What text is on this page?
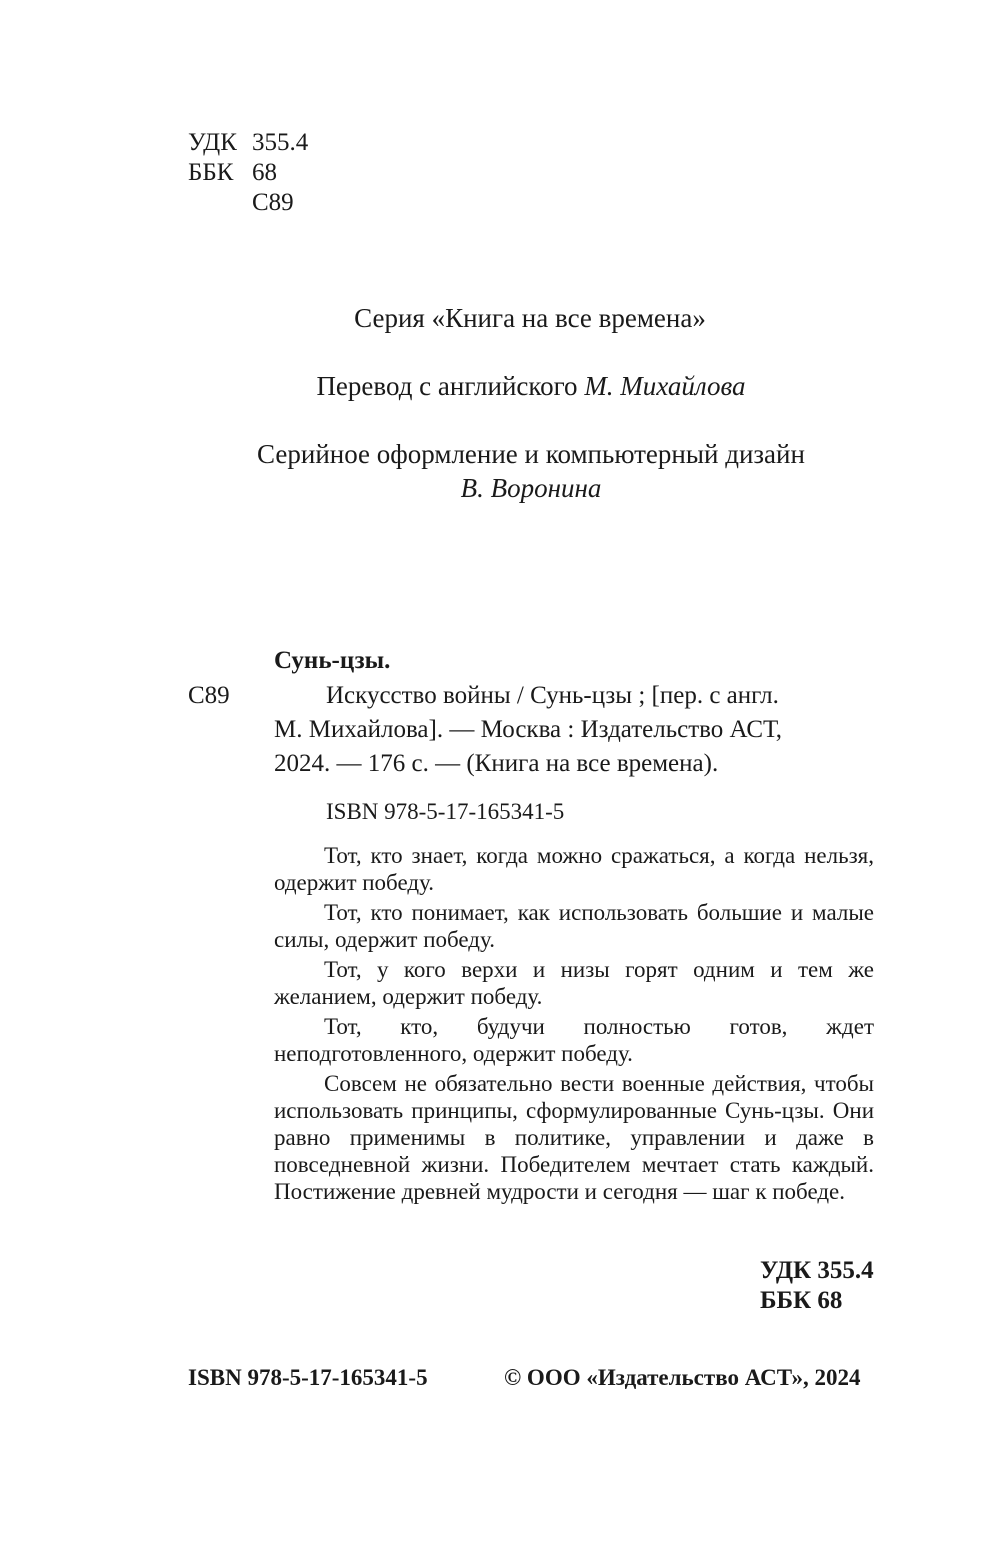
УДК 355.4
ББК 68
С89
Серия «Книга на все времена»
Перевод с английского М. Михайлова
Серийное оформление и компьютерный дизайн
В. Воронина
Сунь-цзы.
С89	Искусство войны / Сунь-цзы ; [пер. с англ.
М. Михайлова]. — Москва : Издательство АСТ,
2024. — 176 с. — (Книга на все времена).
ISBN 978-5-17-165341-5

Тот, кто знает, когда можно сражаться, а когда нельзя, одержит победу.

Тот, кто понимает, как использовать большие и малые силы, одержит победу.

Тот, у кого верхи и низы горят одним и тем же желанием, одержит победу.

Тот, кто, будучи полностью готов, ждет неподготовленного, одержит победу.

Совсем не обязательно вести военные действия, чтобы использовать принципы, сформулированные Сунь-цзы. Они равно применимы в политике, управлении и даже в повседневной жизни. Победителем мечтает стать каждый. Постижение древней мудрости и сегодня — шаг к победе.

УДК 355.4
ББК 68
ISBN 978-5-17-165341-5	© ООО «Издательство АСТ», 2024
